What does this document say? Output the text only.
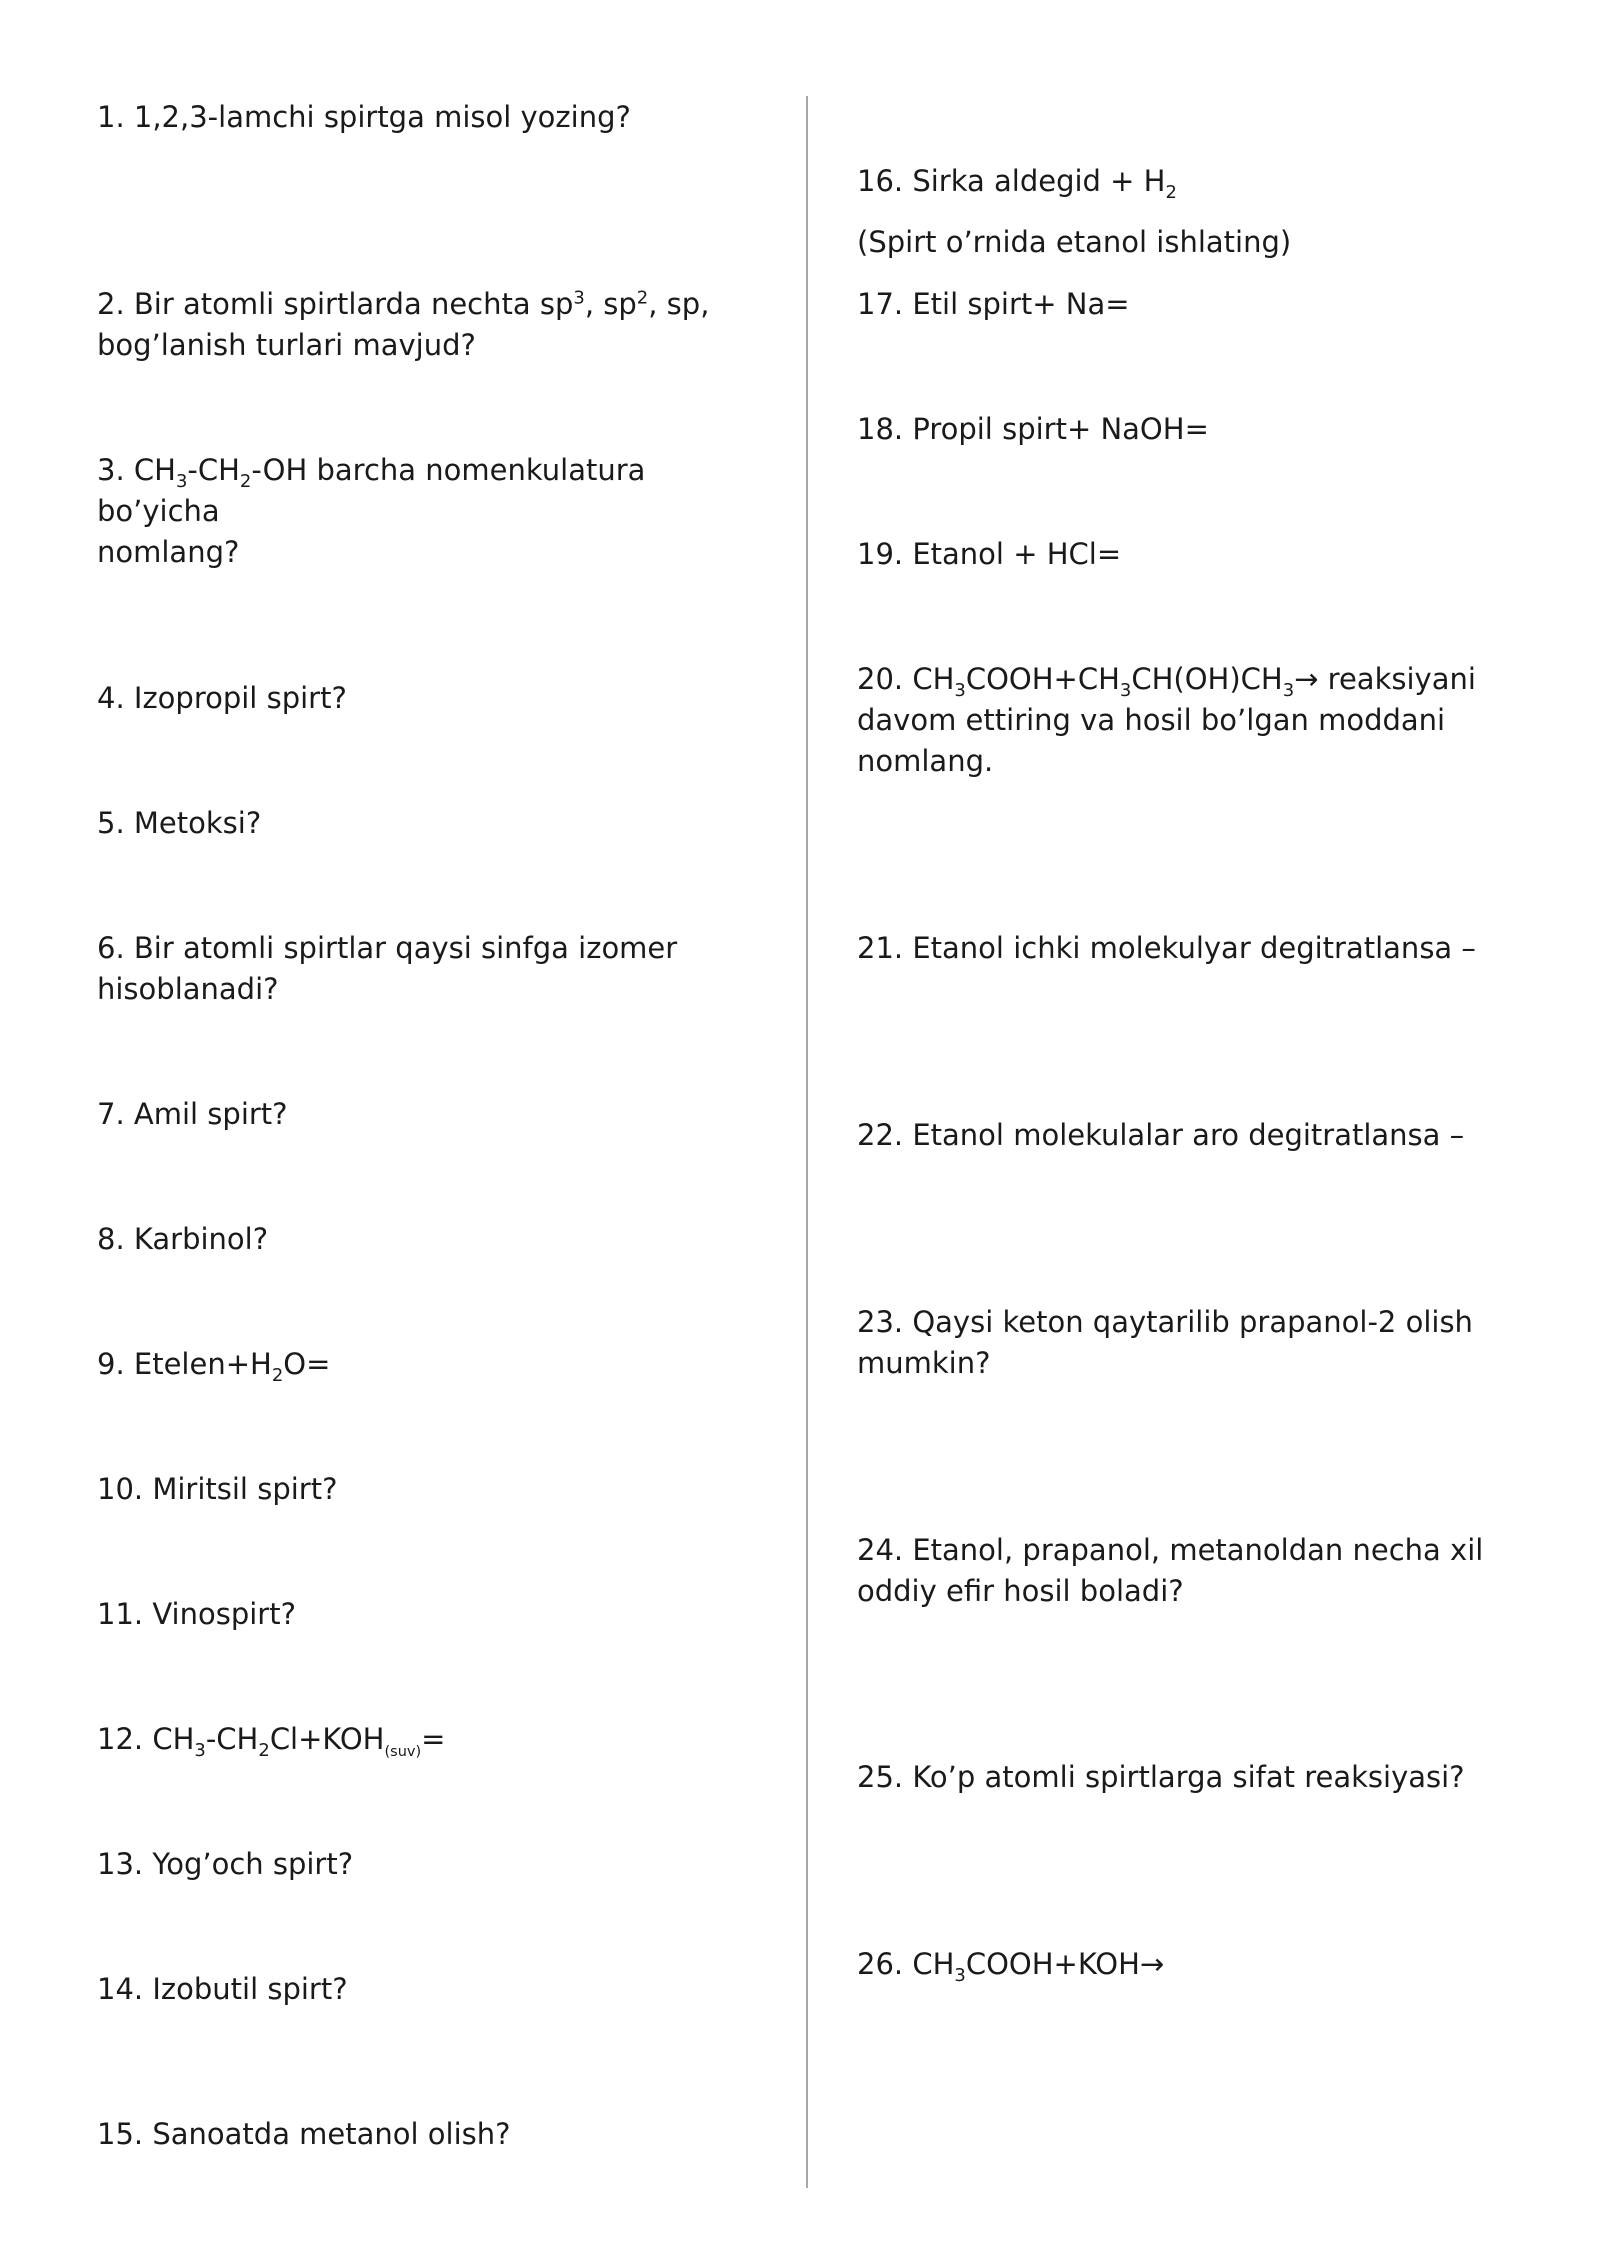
1. 1,2,3-lamchi spirtga misol yozing?

2. Bir atomli spirtlarda nechta $sp^3$, $sp^2$, sp,
bog’lanish turlari mavjud?

3. $CH_3-CH_2-OH$ barcha nomenkulatura bo’yicha
nomlang?

4. Izopropil spirt?

5. Metoksi?

6. Bir atomli spirtlar qaysi sinfga izomer
hisoblanadi?

7. Amil spirt?

8. Karbinol?

9. $Etelen+H_2O=$

10. Miritsil spirt?

11. Vinospirt?

12. $CH_3-CH_2Cl+KOH_{(suv)}=$

13. Yog’och spirt?

14. Izobutil spirt?

15. Sanoatda metanol olish?

16. Sirka aldegid + $H_2$

(Spirt o’rnida etanol ishlating)

17. Etil spirt+ Na=

18. Propil spirt+ NaOH=

19. Etanol + HCl=

20. $CH_3COOH+CH_3CH(OH)CH_3\to$ reaksiyani
davom ettiring va hosil bo’lgan moddani
nomlang.

21. Etanol ichki molekulyar degitratlansa –

22. Etanol molekulalar aro degitratlansa –

23. Qaysi keton qaytarilib prapanol-2 olish
mumkin?

24. Etanol, prapanol, metanoldan necha xil
oddiy efir hosil boladi?

25. Ko’p atomli spirtlarga sifat reaksiyasi?

26. $CH_3COOH+KOH\to$
